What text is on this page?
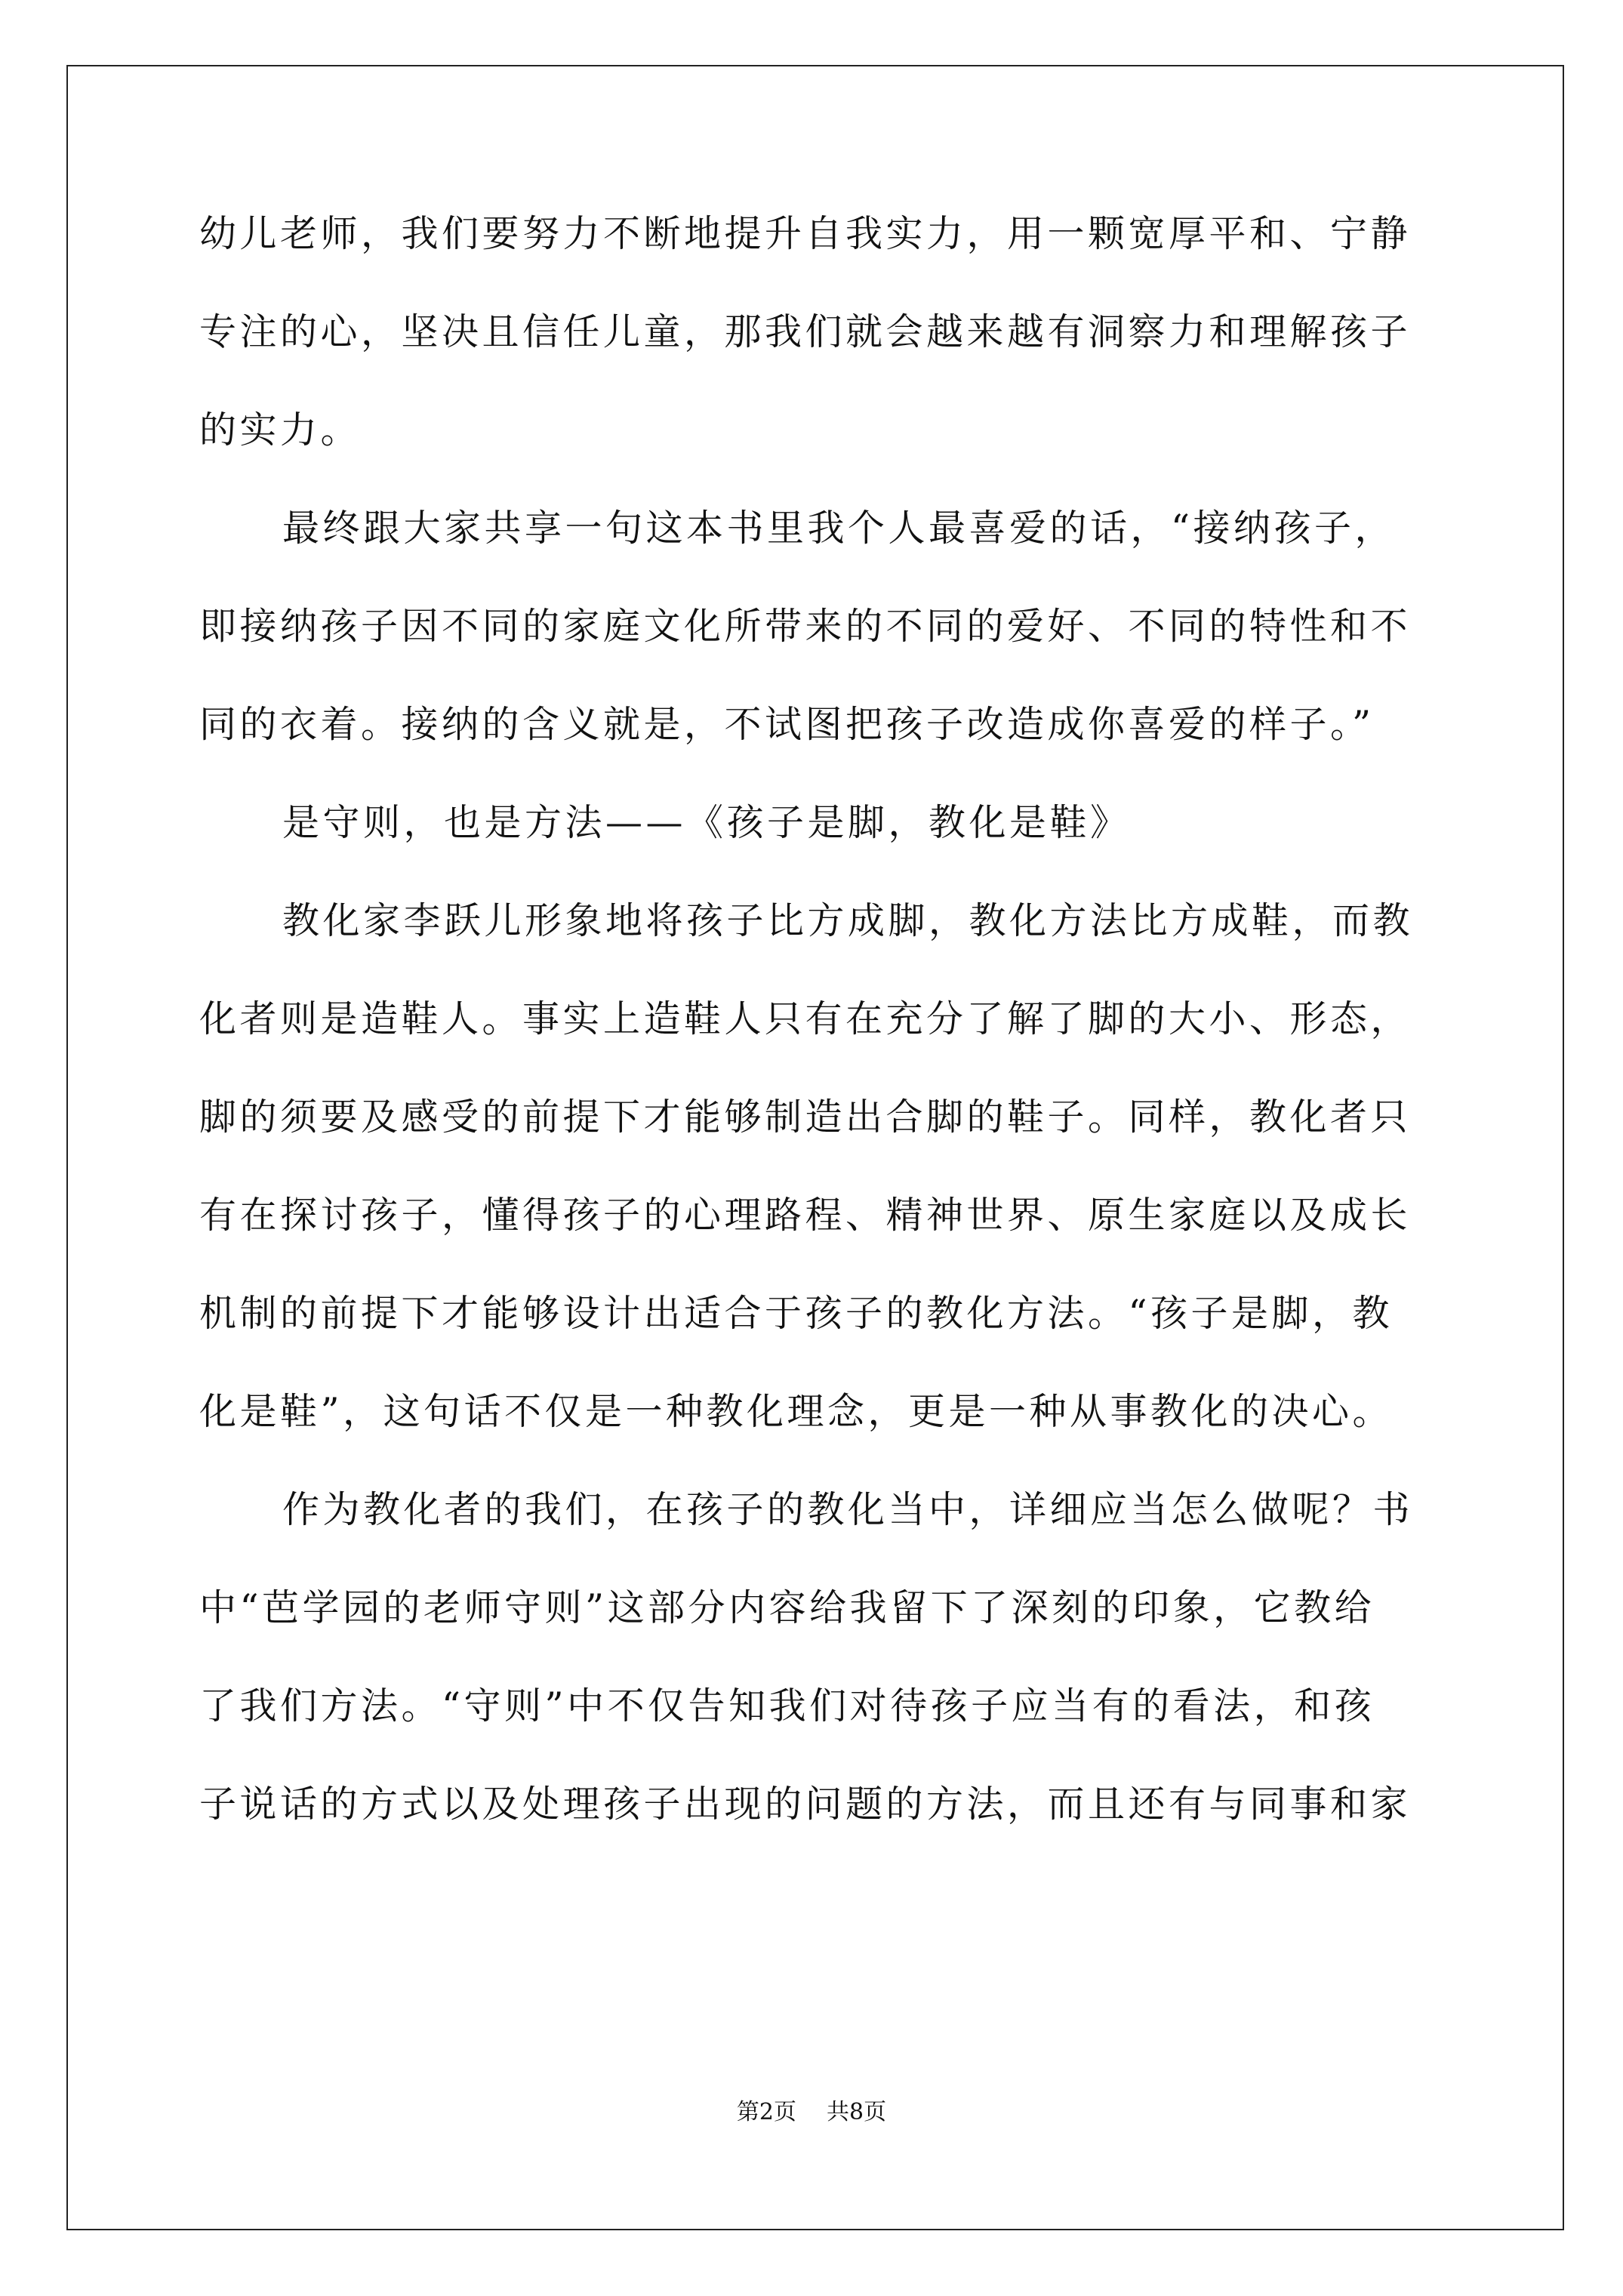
幼儿老师，我们要努力不断地提升自我实力，用一颗宽厚平和、宁静
专注的心，坚决且信任儿童，那我们就会越来越有洞察力和理解孩子
的实力。
最终跟大家共享一句这本书里我个人最喜爱的话，“接纳孩子，
即接纳孩子因不同的家庭文化所带来的不同的爱好、不同的特性和不
同的衣着。接纳的含义就是，不试图把孩子改造成你喜爱的样子。”
是守则，也是方法——《孩子是脚，教化是鞋》
教化家李跃儿形象地将孩子比方成脚，教化方法比方成鞋，而教
化者则是造鞋人。事实上造鞋人只有在充分了解了脚的大小、形态，
脚的须要及感受的前提下才能够制造出合脚的鞋子。同样，教化者只
有在探讨孩子，懂得孩子的心理路程、精神世界、原生家庭以及成长
机制的前提下才能够设计出适合于孩子的教化方法。“孩子是脚，教
化是鞋”，这句话不仅是一种教化理念，更是一种从事教化的决心。
作为教化者的我们，在孩子的教化当中，详细应当怎么做呢？书
中“芭学园的老师守则”这部分内容给我留下了深刻的印象，它教给
了我们方法。“守则”中不仅告知我们对待孩子应当有的看法，和孩
子说话的方式以及处理孩子出现的问题的方法，而且还有与同事和家
第2页 共8页
